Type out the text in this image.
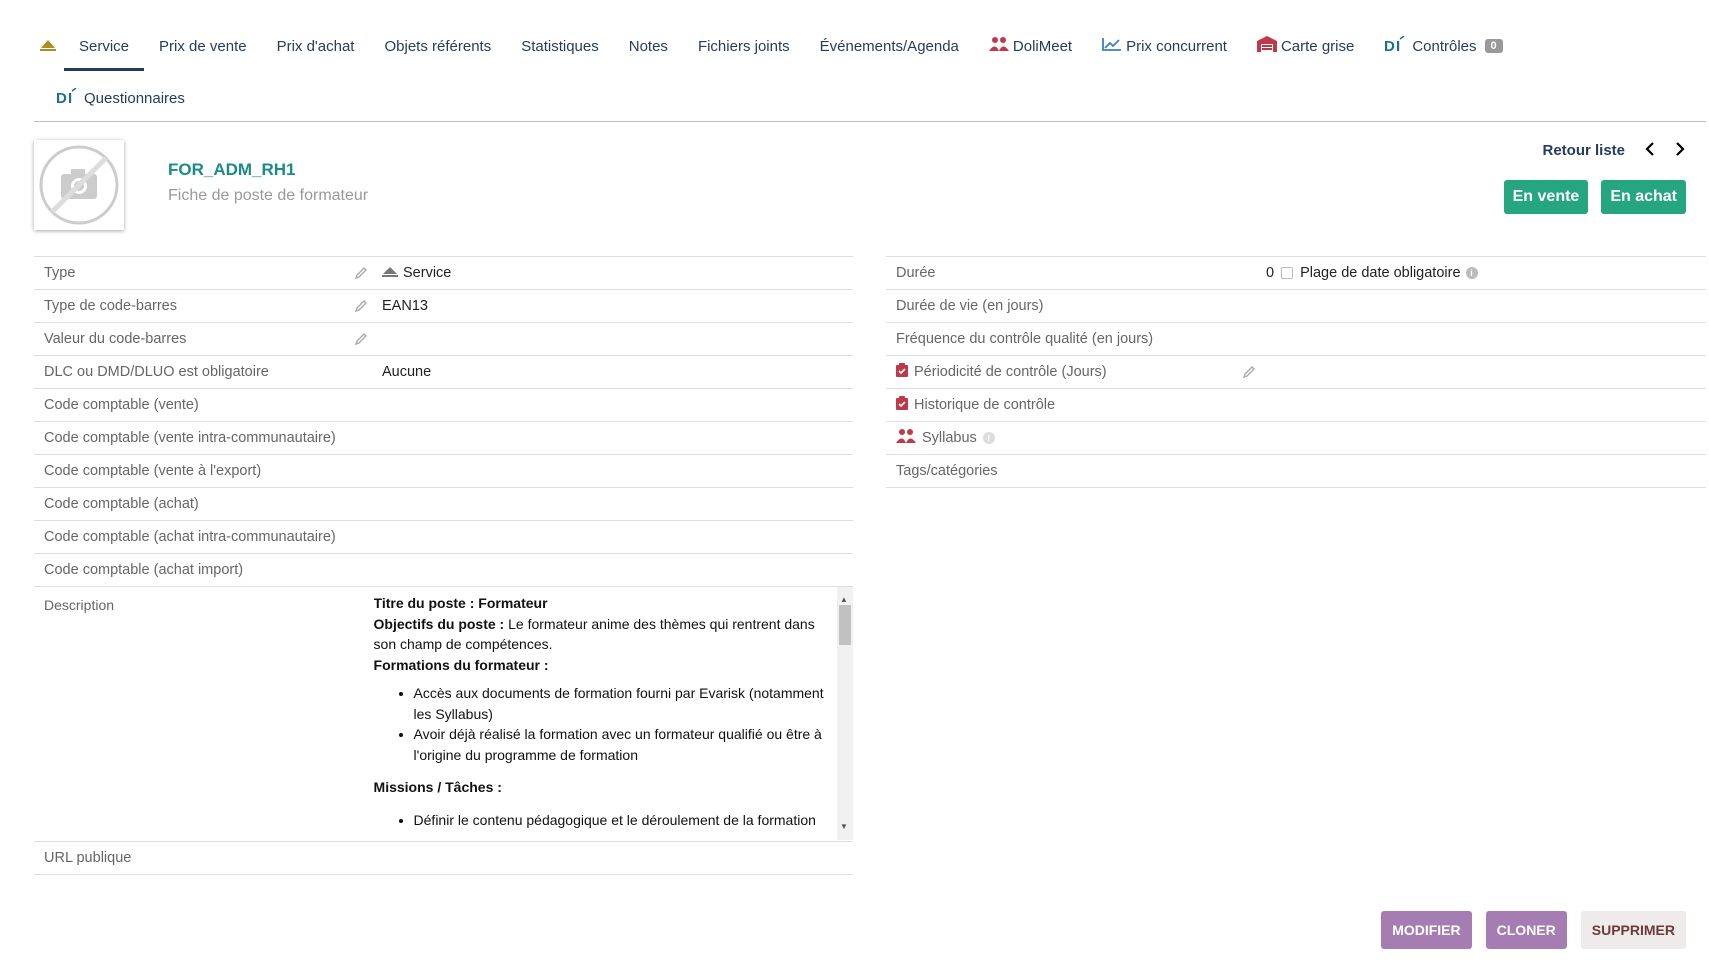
Service Prix de vente Prix d'achat Objets référents Statistiques Notes Fichiers joints Événements/Agenda	DoliMeet	Prix concurrent	Carte grise D I Contrôles	0
D I Questionnaires
FOR_ADM_RH1
Fiche de poste de formateur
Retour liste
En vente	En achat
Type	Service
Type de code-barres	EAN13
Valeur du code-barres
DLC ou DMD/DLUO est obligatoire	Aucune
Code comptable (vente)
Code comptable (vente intra-communautaire)
Code comptable (vente à l'export)
Code comptable (achat)
Code comptable (achat intra-communautaire)
Code comptable (achat import)
Description	Titre du poste : Formateur
Objectifs du poste : Le formateur anime des thèmes qui rentrent dans son champ de compétences.
Formations du formateur :
• Accès aux documents de formation fourni par Evarisk (notamment les Syllabus)
• Avoir déjà réalisé la formation avec un formateur qualifié ou être à l'origine du programme de formation
Missions / Tâches :
• Définir le contenu pédagogique et le déroulement de la formation
▲
▼
URL publique
Durée	0 Plage de date obligatoire	i
Durée de vie (en jours)
Fréquence du contrôle qualité (en jours)
Périodicité de contrôle (Jours)
Historique de contrôle
Syllabus	i
Tags/catégories
MODIFIER	CLONER	SUPPRIMER
